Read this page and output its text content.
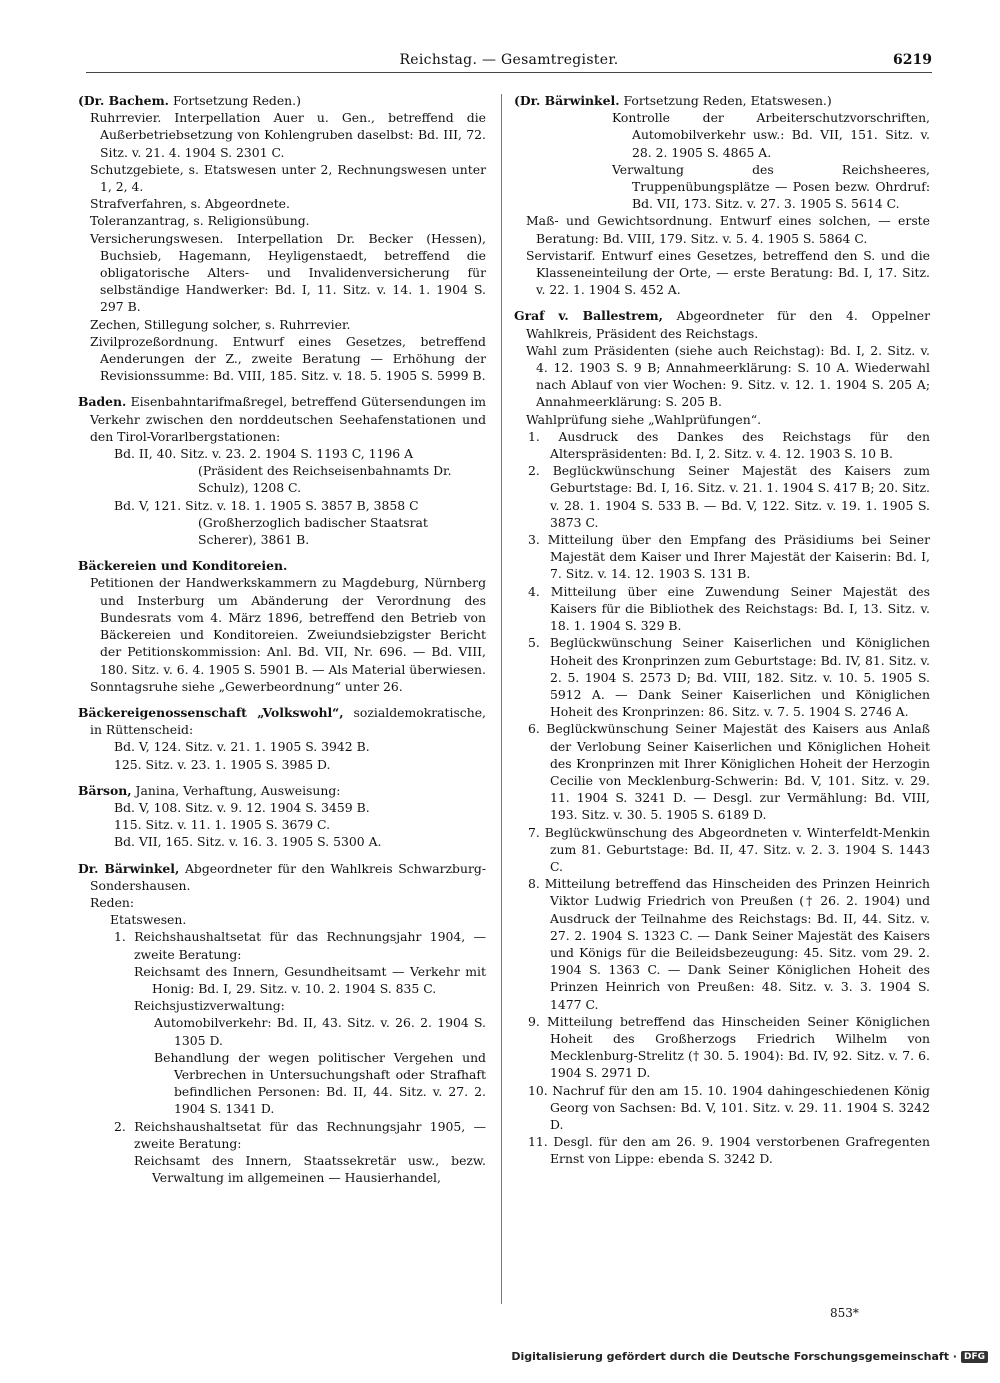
Reichstag. — Gesamtregister.	6219

(Dr. Bachem. Fortsetzung Reden.)

Ruhrrevier. Interpellation Auer u. Gen., betreffend die Außerbetriebsetzung von Kohlengruben daselbst: Bd. III, 72. Sitz. v. 21. 4. 1904 S. 2301 C.

Schutzgebiete, s. Etatswesen unter 2, Rechnungswesen unter 1, 2, 4.

Strafverfahren, s. Abgeordnete.

Toleranzantrag, s. Religionsübung.

Versicherungswesen. Interpellation Dr. Becker (Hessen), Buchsieb, Hagemann, Heyligenstaedt, betreffend die obligatorische Alters- und Invalidenversicherung für selbständige Handwerker: Bd. I, 11. Sitz. v. 14. 1. 1904 S. 297 B.

Zechen, Stillegung solcher, s. Ruhrrevier.

Zivilprozeßordnung. Entwurf eines Gesetzes, betreffend Aenderungen der Z., zweite Beratung — Erhöhung der Revisionssumme: Bd. VIII, 185. Sitz. v. 18. 5. 1905 S. 5999 B.

Baden. Eisenbahntarifmaßregel, betreffend Gütersendungen im Verkehr zwischen den norddeutschen Seehafenstationen und den Tirol-Vorarlbergstationen:

Bd. II, 40. Sitz. v. 23. 2. 1904 S. 1193 C, 1196 A

(Präsident des Reichseisenbahnamts Dr. Schulz), 1208 C.

Bd. V, 121. Sitz. v. 18. 1. 1905 S. 3857 B, 3858 C

(Großherzoglich badischer Staatsrat Scherer), 3861 B.

Bäckereien und Konditoreien.

Petitionen der Handwerkskammern zu Magdeburg, Nürnberg und Insterburg um Abänderung der Verordnung des Bundesrats vom 4. März 1896, betreffend den Betrieb von Bäckereien und Konditoreien. Zweiundsiebzigster Bericht der Petitionskommission: Anl. Bd. VII, Nr. 696. — Bd. VIII, 180. Sitz. v. 6. 4. 1905 S. 5901 B. — Als Material überwiesen.

Sonntagsruhe siehe „Gewerbeordnung“ unter 26.

Bäckereigenossenschaft „Volkswohl“, sozialdemokratische, in Rüttenscheid:

Bd. V, 124. Sitz. v. 21. 1. 1905 S. 3942 B.

125. Sitz. v. 23. 1. 1905 S. 3985 D.

Bärson, Janina, Verhaftung, Ausweisung:

Bd. V, 108. Sitz. v. 9. 12. 1904 S. 3459 B.

115. Sitz. v. 11. 1. 1905 S. 3679 C.

Bd. VII, 165. Sitz. v. 16. 3. 1905 S. 5300 A.

Dr. Bärwinkel, Abgeordneter für den Wahlkreis Schwarzburg-Sondershausen.

Reden:

Etatswesen.

1. Reichshaushaltsetat für das Rechnungsjahr 1904, — zweite Beratung:

Reichsamt des Innern, Gesundheitsamt — Verkehr mit Honig: Bd. I, 29. Sitz. v. 10. 2. 1904 S. 835 C.

Reichsjustizverwaltung:

Automobilverkehr: Bd. II, 43. Sitz. v. 26. 2. 1904 S. 1305 D.

Behandlung der wegen politischer Vergehen und Verbrechen in Untersuchungshaft oder Strafhaft befindlichen Personen: Bd. II, 44. Sitz. v. 27. 2. 1904 S. 1341 D.

2. Reichshaushaltsetat für das Rechnungsjahr 1905, — zweite Beratung:

Reichsamt des Innern, Staatssekretär usw., bezw. Verwaltung im allgemeinen — Hausierhandel,

(Dr. Bärwinkel. Fortsetzung Reden, Etatswesen.)

Kontrolle der Arbeiterschutzvorschriften, Automobilverkehr usw.: Bd. VII, 151. Sitz. v. 28. 2. 1905 S. 4865 A.

Verwaltung des Reichsheeres, Truppenübungsplätze — Posen bezw. Ohrdruf: Bd. VII, 173. Sitz. v. 27. 3. 1905 S. 5614 C.

Maß- und Gewichtsordnung. Entwurf eines solchen, — erste Beratung: Bd. VIII, 179. Sitz. v. 5. 4. 1905 S. 5864 C.

Servistarif. Entwurf eines Gesetzes, betreffend den S. und die Klasseneinteilung der Orte, — erste Beratung: Bd. I, 17. Sitz. v. 22. 1. 1904 S. 452 A.

Graf v. Ballestrem, Abgeordneter für den 4. Oppelner Wahlkreis, Präsident des Reichstags.

Wahl zum Präsidenten (siehe auch Reichstag): Bd. I, 2. Sitz. v. 4. 12. 1903 S. 9 B; Annahmeerklärung: S. 10 A. Wiederwahl nach Ablauf von vier Wochen: 9. Sitz. v. 12. 1. 1904 S. 205 A; Annahmeerklärung: S. 205 B.

Wahlprüfung siehe „Wahlprüfungen“.

1. Ausdruck des Dankes des Reichstags für den Alterspräsidenten: Bd. I, 2. Sitz. v. 4. 12. 1903 S. 10 B.

2. Beglückwünschung Seiner Majestät des Kaisers zum Geburtstage: Bd. I, 16. Sitz. v. 21. 1. 1904 S. 417 B; 20. Sitz. v. 28. 1. 1904 S. 533 B. — Bd. V, 122. Sitz. v. 19. 1. 1905 S. 3873 C.

3. Mitteilung über den Empfang des Präsidiums bei Seiner Majestät dem Kaiser und Ihrer Majestät der Kaiserin: Bd. I, 7. Sitz. v. 14. 12. 1903 S. 131 B.

4. Mitteilung über eine Zuwendung Seiner Majestät des Kaisers für die Bibliothek des Reichstags: Bd. I, 13. Sitz. v. 18. 1. 1904 S. 329 B.

5. Beglückwünschung Seiner Kaiserlichen und Königlichen Hoheit des Kronprinzen zum Geburtstage: Bd. IV, 81. Sitz. v. 2. 5. 1904 S. 2573 D; Bd. VIII, 182. Sitz. v. 10. 5. 1905 S. 5912 A. — Dank Seiner Kaiserlichen und Königlichen Hoheit des Kronprinzen: 86. Sitz. v. 7. 5. 1904 S. 2746 A.

6. Beglückwünschung Seiner Majestät des Kaisers aus Anlaß der Verlobung Seiner Kaiserlichen und Königlichen Hoheit des Kronprinzen mit Ihrer Königlichen Hoheit der Herzogin Cecilie von Mecklenburg-Schwerin: Bd. V, 101. Sitz. v. 29. 11. 1904 S. 3241 D. — Desgl. zur Vermählung: Bd. VIII, 193. Sitz. v. 30. 5. 1905 S. 6189 D.

7. Beglückwünschung des Abgeordneten v. Winterfeldt-Menkin zum 81. Geburtstage: Bd. II, 47. Sitz. v. 2. 3. 1904 S. 1443 C.

8. Mitteilung betreffend das Hinscheiden des Prinzen Heinrich Viktor Ludwig Friedrich von Preußen († 26. 2. 1904) und Ausdruck der Teilnahme des Reichstags: Bd. II, 44. Sitz. v. 27. 2. 1904 S. 1323 C. — Dank Seiner Majestät des Kaisers und Königs für die Beileidsbezeugung: 45. Sitz. vom 29. 2. 1904 S. 1363 C. — Dank Seiner Königlichen Hoheit des Prinzen Heinrich von Preußen: 48. Sitz. v. 3. 3. 1904 S. 1477 C.

9. Mitteilung betreffend das Hinscheiden Seiner Königlichen Hoheit des Großherzogs Friedrich Wilhelm von Mecklenburg-Strelitz († 30. 5. 1904): Bd. IV, 92. Sitz. v. 7. 6. 1904 S. 2971 D.

10. Nachruf für den am 15. 10. 1904 dahingeschiedenen König Georg von Sachsen: Bd. V, 101. Sitz. v. 29. 11. 1904 S. 3242 D.

11. Desgl. für den am 26. 9. 1904 verstorbenen Grafregenten Ernst von Lippe: ebenda S. 3242 D.

853*
Digitalisierung gefördert durch die Deutsche Forschungsgemeinschaft · DFG
